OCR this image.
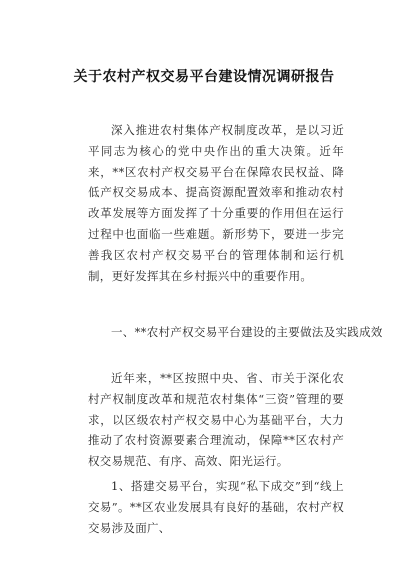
关于农村产权交易平台建设情况调研报告

深入推进农村集体产权制度改革，是以习近平同志为核心的党中央作出的重大决策。近年来，**区农村产权交易平台在保障农民权益、降低产权交易成本、提高资源配置效率和推动农村改革发展等方面发挥了十分重要的作用但在运行过程中也面临一些难题。新形势下，要进一步完善我区农村产权交易平台的管理体制和运行机制，更好发挥其在乡村振兴中的重要作用。

一、**农村产权交易平台建设的主要做法及实践成效

近年来，**区按照中央、省、市关于深化农村产权制度改革和规范农村集体“三资”管理的要求，以区级农村产权交易中心为基础平台，大力推动了农村资源要素合理流动，保障**区农村产权交易规范、有序、高效、阳光运行。

1、搭建交易平台，实现“私下成交”到“线上交易”。**区农业发展具有良好的基础，农村产权交易涉及面广、
